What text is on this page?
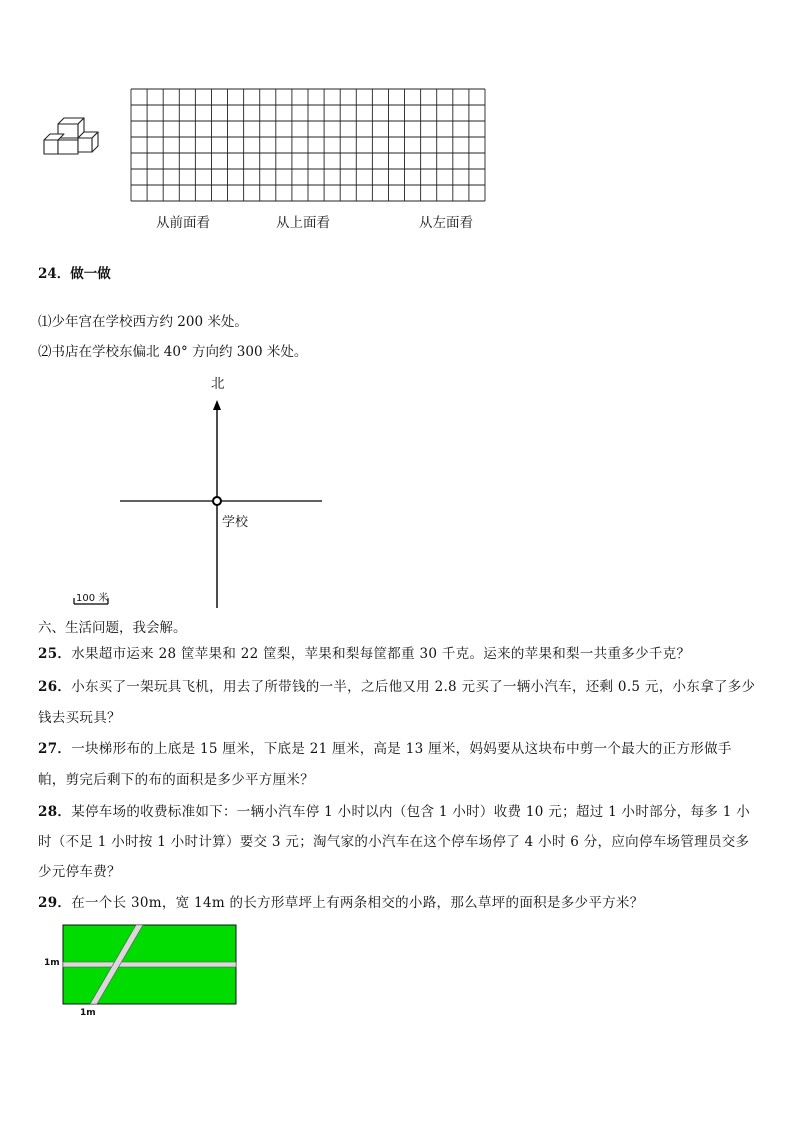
从前面看	从上面看	从左面看
24．做一做
⑴少年宫在学校西方约 200 米处。
⑵书店在学校东偏北 40° 方向约 300 米处。
北
学校
100 米
六、生活问题，我会解。
25．水果超市运来 28 筐苹果和 22 筐梨，苹果和梨每筐都重 30 千克。运来的苹果和梨一共重多少千克？
26．小东买了一架玩具飞机，用去了所带钱的一半，之后他又用 2.8 元买了一辆小汽车，还剩 0.5 元，小东拿了多少钱去买玩具？
27．一块梯形布的上底是 15 厘米，下底是 21 厘米，高是 13 厘米，妈妈要从这块布中剪一个最大的正方形做手帕，剪完后剩下的布的面积是多少平方厘米？
28．某停车场的收费标准如下：一辆小汽车停 1 小时以内（包含 1 小时）收费 10 元；超过 1 小时部分，每多 1 小时（不足 1 小时按 1 小时计算）要交 3 元；淘气家的小汽车在这个停车场停了 4 小时 6 分，应向停车场管理员交多少元停车费？
29．在一个长 30m，宽 14m 的长方形草坪上有两条相交的小路，那么草坪的面积是多少平方米？
1m
1m
